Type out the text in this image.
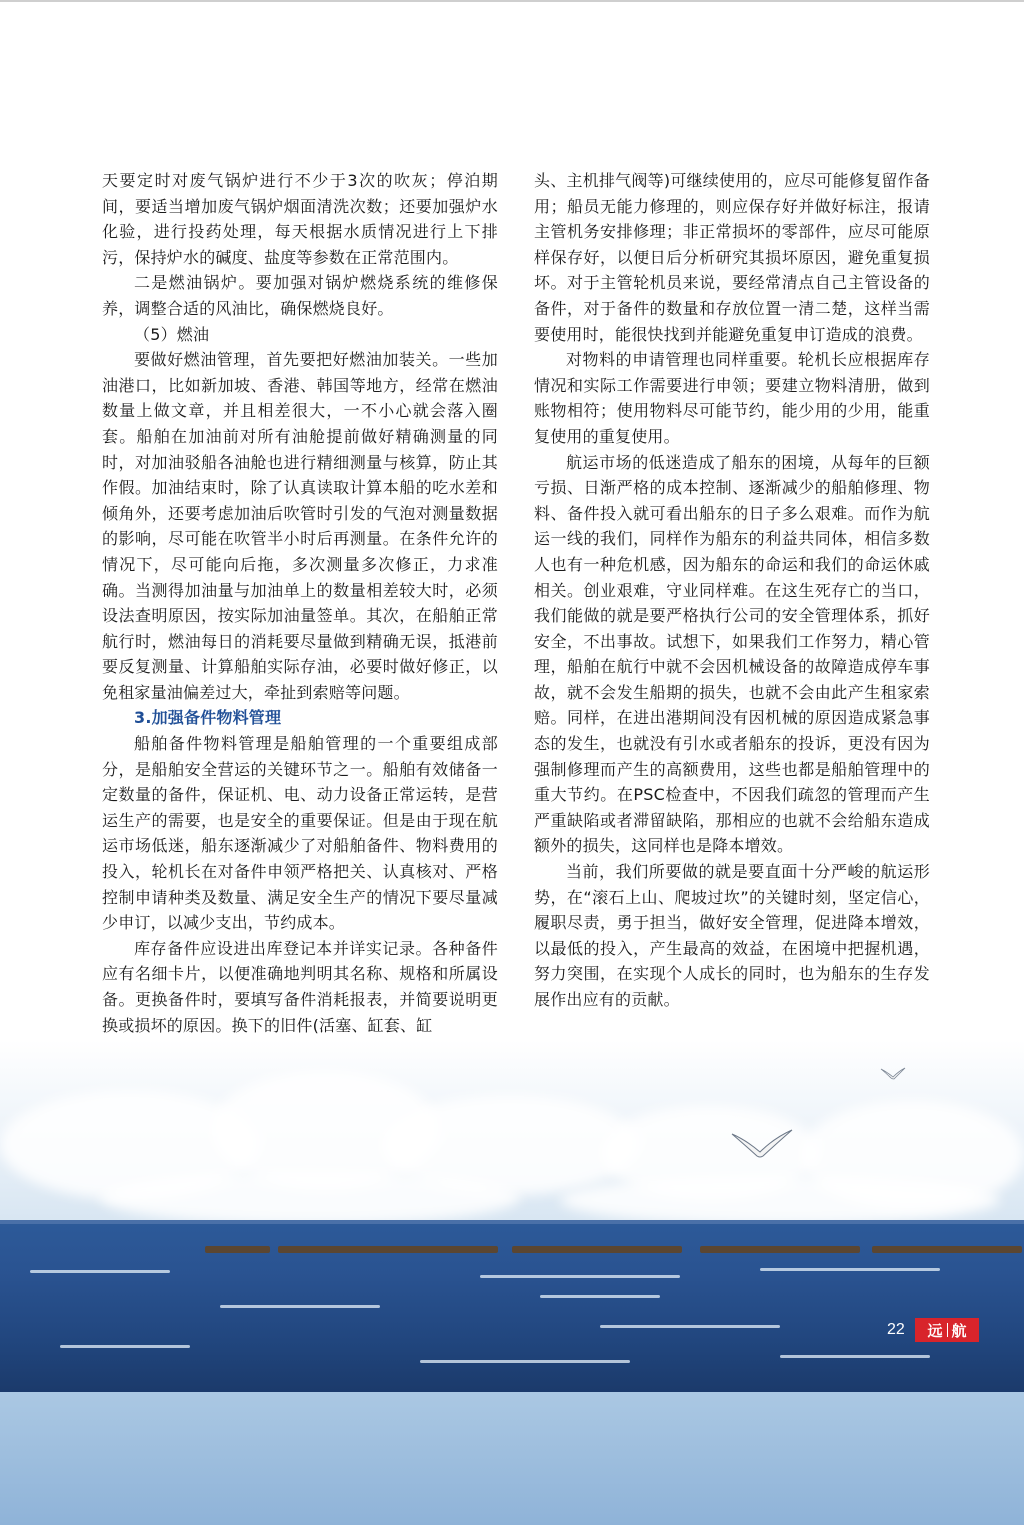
天要定时对废气锅炉进行不少于3次的吹灰；停泊期间，要适当增加废气锅炉烟面清洗次数；还要加强炉水化验，进行投药处理，每天根据水质情况进行上下排污，保持炉水的碱度、盐度等参数在正常范围内。

二是燃油锅炉。要加强对锅炉燃烧系统的维修保养，调整合适的风油比，确保燃烧良好。

（5）燃油

要做好燃油管理，首先要把好燃油加装关。一些加油港口，比如新加坡、香港、韩国等地方，经常在燃油数量上做文章，并且相差很大，一不小心就会落入圈套。船舶在加油前对所有油舱提前做好精确测量的同时，对加油驳船各油舱也进行精细测量与核算，防止其作假。加油结束时，除了认真读取计算本船的吃水差和倾角外，还要考虑加油后吹管时引发的气泡对测量数据的影响，尽可能在吹管半小时后再测量。在条件允许的情况下，尽可能向后拖，多次测量多次修正，力求准确。当测得加油量与加油单上的数量相差较大时，必须设法查明原因，按实际加油量签单。其次，在船舶正常航行时，燃油每日的消耗要尽量做到精确无误，抵港前要反复测量、计算船舶实际存油，必要时做好修正，以免租家量油偏差过大，牵扯到索赔等问题。

3.加强备件物料管理

船舶备件物料管理是船舶管理的一个重要组成部分，是船舶安全营运的关键环节之一。船舶有效储备一定数量的备件，保证机、电、动力设备正常运转，是营运生产的需要，也是安全的重要保证。但是由于现在航运市场低迷，船东逐渐减少了对船舶备件、物料费用的投入，轮机长在对备件申领严格把关、认真核对、严格控制申请种类及数量、满足安全生产的情况下要尽量减少申订，以减少支出，节约成本。

库存备件应设进出库登记本并详实记录。各种备件应有名细卡片，以便准确地判明其名称、规格和所属设备。更换备件时，要填写备件消耗报表，并简要说明更换或损坏的原因。换下的旧件(活塞、缸套、缸

头、主机排气阀等)可继续使用的，应尽可能修复留作备用；船员无能力修理的，则应保存好并做好标注，报请主管机务安排修理；非正常损坏的零部件，应尽可能原样保存好，以便日后分析研究其损坏原因，避免重复损坏。对于主管轮机员来说，要经常清点自己主管设备的备件，对于备件的数量和存放位置一清二楚，这样当需要使用时，能很快找到并能避免重复申订造成的浪费。

对物料的申请管理也同样重要。轮机长应根据库存情况和实际工作需要进行申领；要建立物料清册，做到账物相符；使用物料尽可能节约，能少用的少用，能重复使用的重复使用。

航运市场的低迷造成了船东的困境，从每年的巨额亏损、日渐严格的成本控制、逐渐减少的船舶修理、物料、备件投入就可看出船东的日子多么艰难。而作为航运一线的我们，同样作为船东的利益共同体，相信多数人也有一种危机感，因为船东的命运和我们的命运休戚相关。创业艰难，守业同样难。在这生死存亡的当口，我们能做的就是要严格执行公司的安全管理体系，抓好安全，不出事故。试想下，如果我们工作努力，精心管理，船舶在航行中就不会因机械设备的故障造成停车事故，就不会发生船期的损失，也就不会由此产生租家索赔。同样，在进出港期间没有因机械的原因造成紧急事态的发生，也就没有引水或者船东的投诉，更没有因为强制修理而产生的高额费用，这些也都是船舶管理中的重大节约。在PSC检查中，不因我们疏忽的管理而产生严重缺陷或者滞留缺陷，那相应的也就不会给船东造成额外的损失，这同样也是降本增效。

当前，我们所要做的就是要直面十分严峻的航运形势，在“滚石上山、爬坡过坎”的关键时刻，坚定信心，履职尽责，勇于担当，做好安全管理，促进降本增效，以最低的投入，产生最高的效益，在困境中把握机遇，努力突围，在实现个人成长的同时，也为船东的生存发展作出应有的贡献。

22 远 航
